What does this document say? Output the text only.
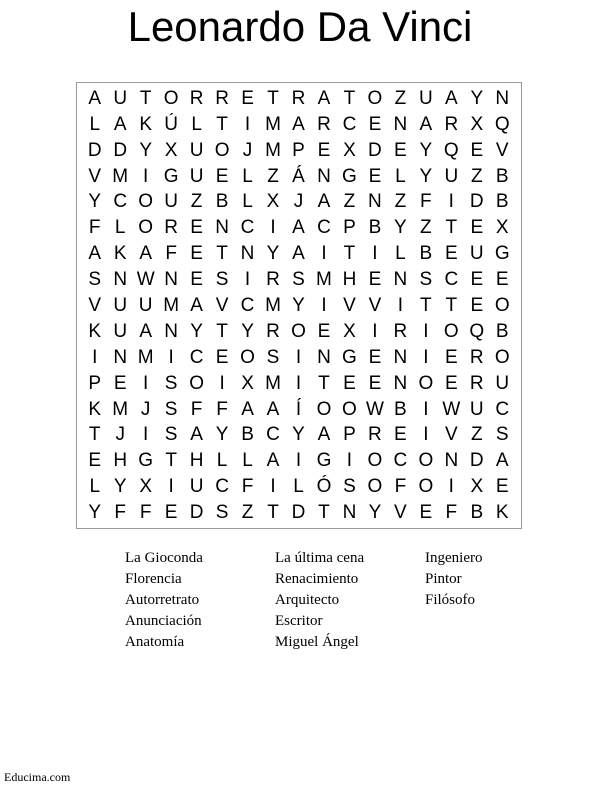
Leonardo Da Vinci
A U T O R R E T R A T O Z U A Y N
L A K Ú L T I M A R C E N A R X Q
D D Y X U O J M P E X D E Y Q E V
V M I G U E L Z Á N G E L Y U Z B
Y C O U Z B L X J A Z N Z F I D B
F L O R E N C I A C P B Y Z T E X
A K A F E T N Y A I T I L B E U G
S N W N E S I R S M H E N S C E E
V U U M A V C M Y I V V I T T E O
K U A N Y T Y R O E X I R I O Q B
I N M I C E O S I N G E N I E R O
P E I S O I X M I T E E N O E R U
K M J S F F A A Í O O W B I W U C
T J I S A Y B C Y A P R E I V Z S
E H G T H L L A I G I O C O N D A
L Y X I U C F I L Ó S O F O I X E
Y F F E D S Z T D T N Y V E F B K
La Gioconda
Florencia
Autorretrato
Anunciación
Anatomía
La última cena
Renacimiento
Arquitecto
Escritor
Miguel Ángel
Ingeniero
Pintor
Filósofo
Educima.com
